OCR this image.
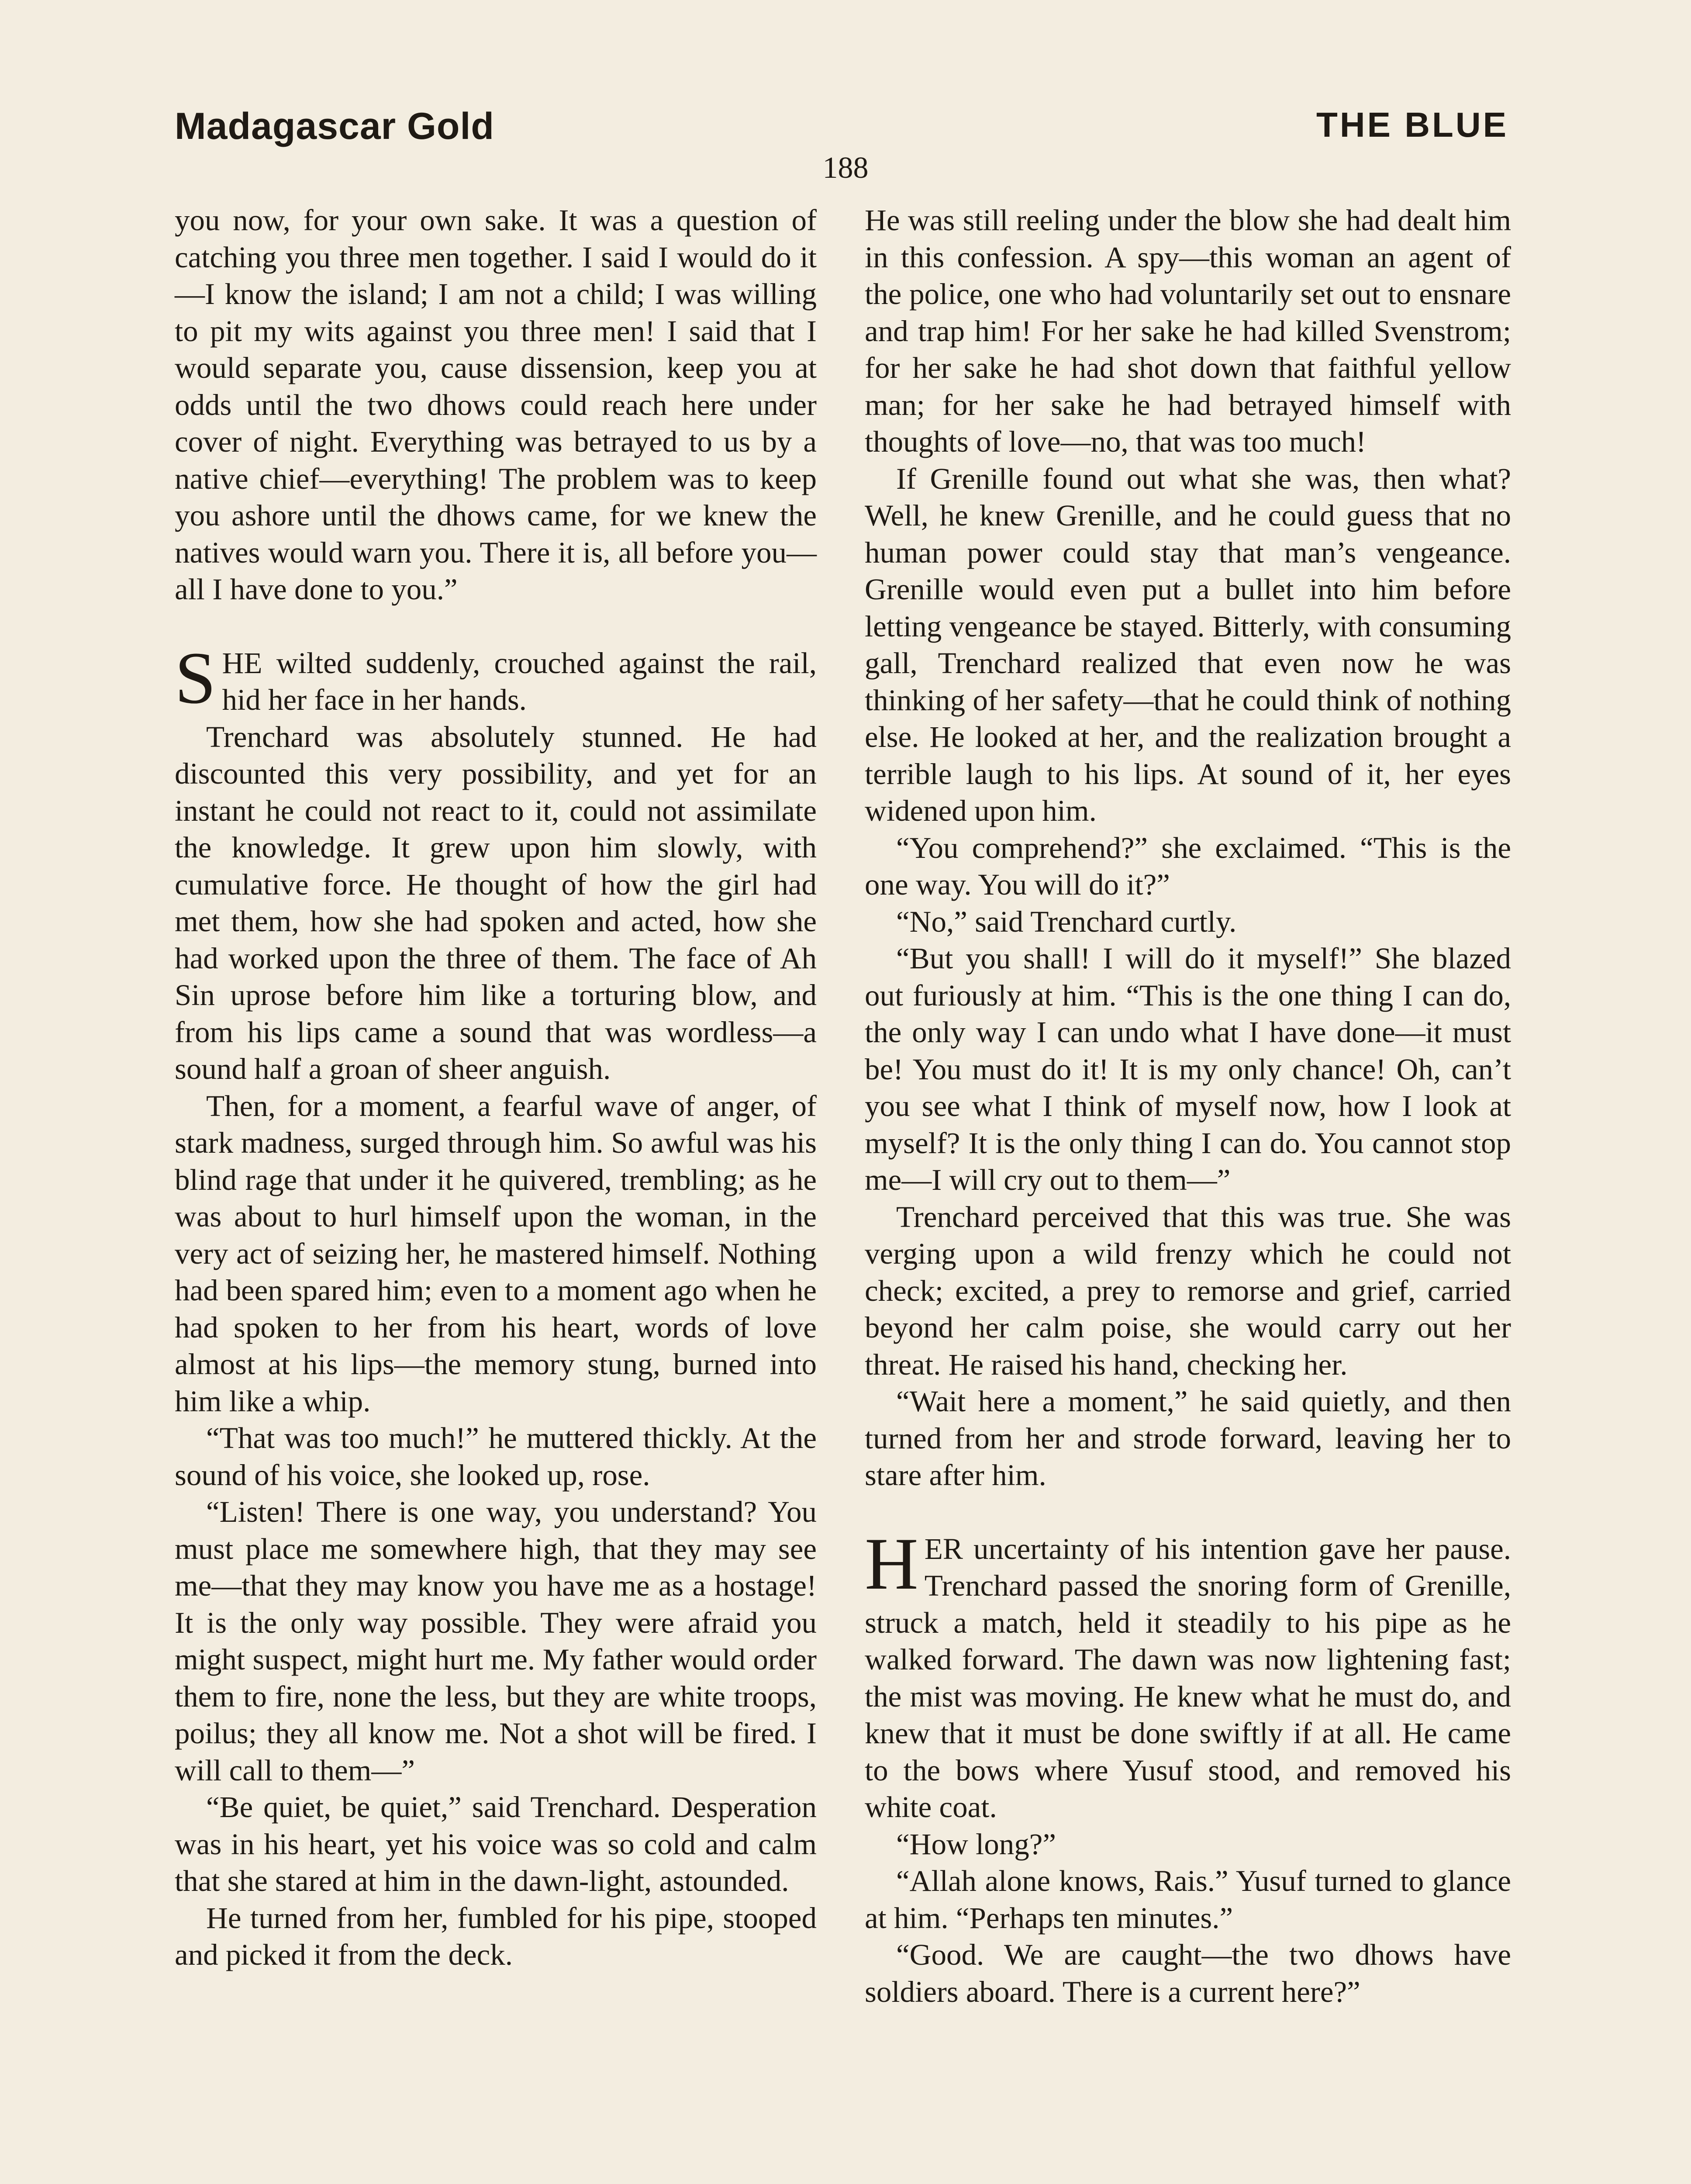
Madagascar Gold	THE BLUE
188

you now, for your own sake. It was a question of catching you three men together. I said I would do it—I know the island; I am not a child; I was willing to pit my wits against you three men! I said that I would separate you, cause dissension, keep you at odds until the two dhows could reach here under cover of night. Everything was betrayed to us by a native chief—everything! The problem was to keep you ashore until the dhows came, for we knew the natives would warn you. There it is, all before you—all I have done to you.”

SHE wilted suddenly, crouched against the rail, hid her face in her hands.

Trenchard was absolutely stunned. He had discounted this very possibility, and yet for an instant he could not react to it, could not assimilate the knowledge. It grew upon him slowly, with cumulative force. He thought of how the girl had met them, how she had spoken and acted, how she had worked upon the three of them. The face of Ah Sin uprose before him like a torturing blow, and from his lips came a sound that was wordless—a sound half a groan of sheer anguish.

Then, for a moment, a fearful wave of anger, of stark madness, surged through him. So awful was his blind rage that under it he quivered, trembling; as he was about to hurl himself upon the woman, in the very act of seizing her, he mastered himself. Nothing had been spared him; even to a moment ago when he had spoken to her from his heart, words of love almost at his lips—the memory stung, burned into him like a whip.

“That was too much!” he muttered thickly. At the sound of his voice, she looked up, rose.

“Listen! There is one way, you understand? You must place me somewhere high, that they may see me—that they may know you have me as a hostage! It is the only way possible. They were afraid you might suspect, might hurt me. My father would order them to fire, none the less, but they are white troops, poilus; they all know me. Not a shot will be fired. I will call to them—”

“Be quiet, be quiet,” said Trenchard. Desperation was in his heart, yet his voice was so cold and calm that she stared at him in the dawn-light, astounded.

He turned from her, fumbled for his pipe, stooped and picked it from the deck.

He was still reeling under the blow she had dealt him in this confession. A spy—this woman an agent of the police, one who had voluntarily set out to ensnare and trap him! For her sake he had killed Svenstrom; for her sake he had shot down that faithful yellow man; for her sake he had betrayed himself with thoughts of love—no, that was too much!

If Grenille found out what she was, then what? Well, he knew Grenille, and he could guess that no human power could stay that man’s vengeance. Grenille would even put a bullet into him before letting vengeance be stayed. Bitterly, with consuming gall, Trenchard realized that even now he was thinking of her safety—that he could think of nothing else. He looked at her, and the realization brought a terrible laugh to his lips. At sound of it, her eyes widened upon him.

“You comprehend?” she exclaimed. “This is the one way. You will do it?”

“No,” said Trenchard curtly.

“But you shall! I will do it myself!” She blazed out furiously at him. “This is the one thing I can do, the only way I can undo what I have done—it must be! You must do it! It is my only chance! Oh, can’t you see what I think of myself now, how I look at myself? It is the only thing I can do. You cannot stop me—I will cry out to them—”

Trenchard perceived that this was true. She was verging upon a wild frenzy which he could not check; excited, a prey to remorse and grief, carried beyond her calm poise, she would carry out her threat. He raised his hand, checking her.

“Wait here a moment,” he said quietly, and then turned from her and strode forward, leaving her to stare after him.

HER uncertainty of his intention gave her pause. Trenchard passed the snoring form of Grenille, struck a match, held it steadily to his pipe as he walked forward. The dawn was now lightening fast; the mist was moving. He knew what he must do, and knew that it must be done swiftly if at all. He came to the bows where Yusuf stood, and removed his white coat.

“How long?”

“Allah alone knows, Rais.” Yusuf turned to glance at him. “Perhaps ten minutes.”

“Good. We are caught—the two dhows have soldiers aboard. There is a current here?”
